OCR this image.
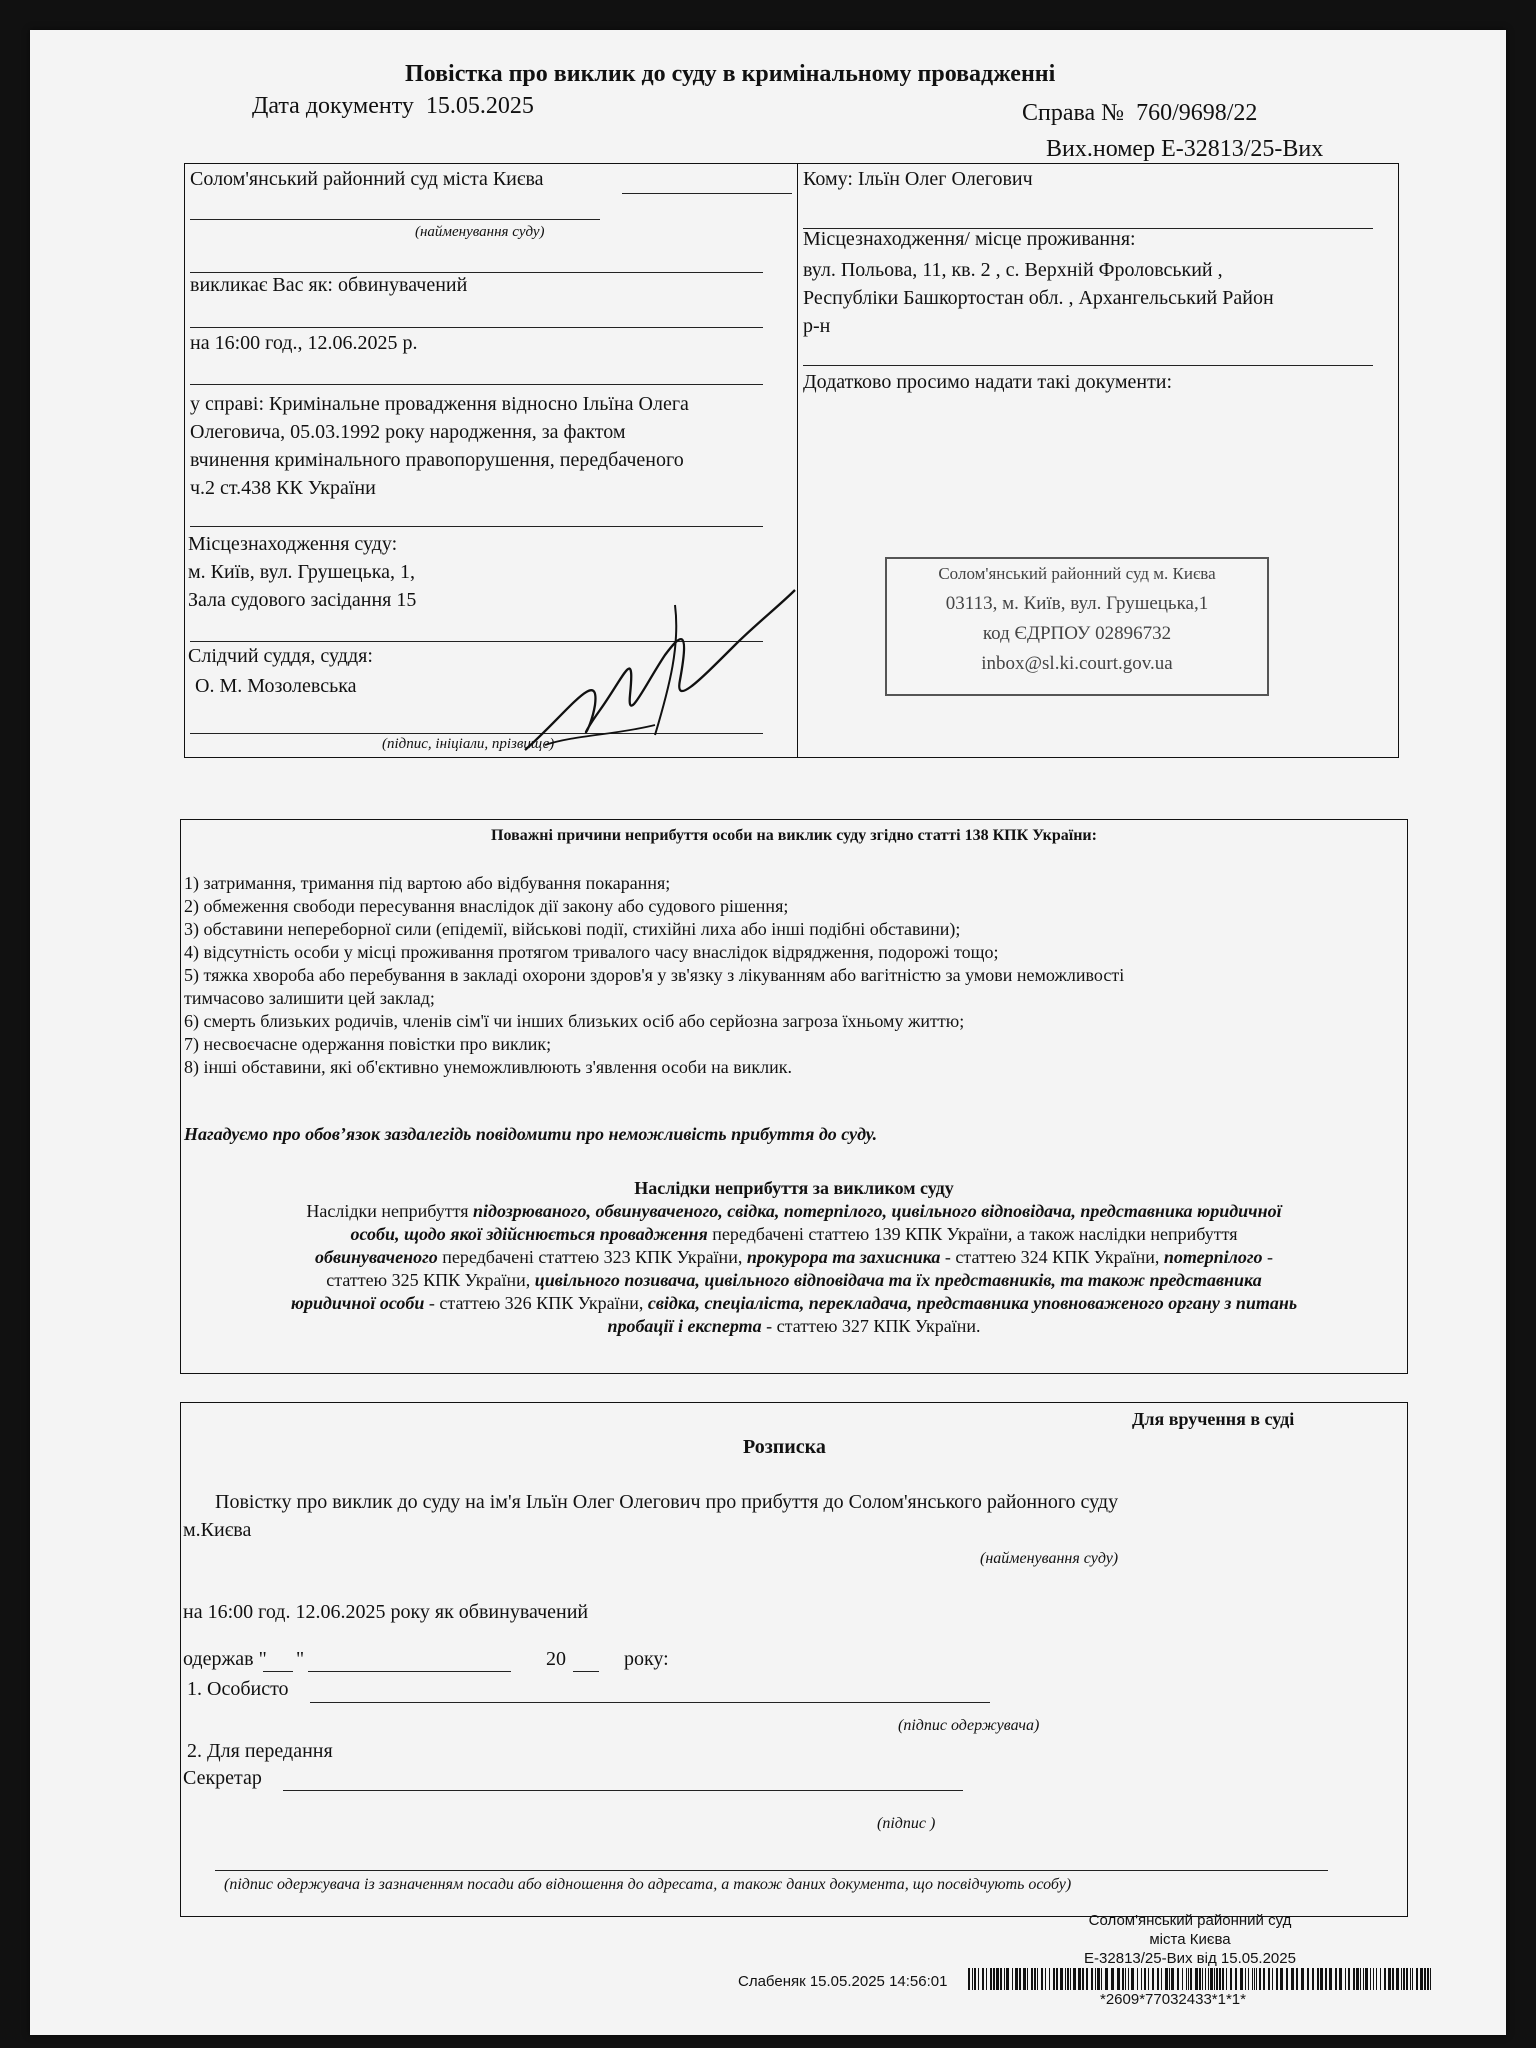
Повістка про виклик до суду в кримінальному провадженні
Дата документу 15.05.2025	Справа № 760/9698/22
Вих.номер E-32813/25-Вих
Солом'янський районний суд міста Києва
(найменування суду)
викликає Вас як: обвинувачений
на 16:00 год., 12.06.2025 р.
у справі: Кримінальне провадження відносно Ільїна Олега
Олеговича, 05.03.1992 року народження, за фактом
вчинення кримінального правопорушення, передбаченого
ч.2 ст.438 КК України
Місцезнаходження суду:
м. Київ, вул. Грушецька, 1,
Зала судового засідання 15
Слідчий суддя, суддя:
О. М. Мозолевська
(підпис, ініціали, прізвище)
Кому: Ільїн Олег Олегович
Місцезнаходження/ місце проживання:
вул. Польова, 11, кв. 2 , с. Верхній Фроловський ,
Республіки Башкортостан обл. , Архангельський Район
р-н
Додатково просимо надати такі документи:
Солом'янський районний суд м. Києва
03113, м. Київ, вул. Грушецька,1
код ЄДРПОУ 02896732
inbox@sl.ki.court.gov.ua
Поважні причини неприбуття особи на виклик суду згідно статті 138 КПК України:
1) затримання, тримання під вартою або відбування покарання;
2) обмеження свободи пересування внаслідок дії закону або судового рішення;
3) обставини непереборної сили (епідемії, військові події, стихійні лиха або інші подібні обставини);
4) відсутність особи у місці проживання протягом тривалого часу внаслідок відрядження, подорожі тощо;
5) тяжка хвороба або перебування в закладі охорони здоров'я у зв'язку з лікуванням або вагітністю за умови неможливості
тимчасово залишити цей заклад;
6) смерть близьких родичів, членів сім'ї чи інших близьких осіб або серйозна загроза їхньому життю;
7) несвоєчасне одержання повістки про виклик;
8) інші обставини, які об'єктивно унеможливлюють з'явлення особи на виклик.
Нагадуємо про обов’язок заздалегідь повідомити про неможливість прибуття до суду.
Наслідки неприбуття за викликом суду
Наслідки неприбуття підозрюваного, обвинуваченого, свідка, потерпілого, цивільного відповідача, представника юридичної
особи, щодо якої здійснюється провадження передбачені статтею 139 КПК України, а також наслідки неприбуття
обвинуваченого передбачені статтею 323 КПК України, прокурора та захисника - статтею 324 КПК України, потерпілого -
статтею 325 КПК України, цивільного позивача, цивільного відповідача та їх представників, та також представника
юридичної особи - статтею 326 КПК України, свідка, спеціаліста, перекладача, представника уповноваженого органу з питань
пробації і експерта - статтею 327 КПК України.
Для вручення в суді
Розписка
Повістку про виклик до суду на ім'я Ільїн Олег Олегович про прибуття до Солом'янського районного суду
м.Києва
(найменування суду)
на 16:00 год. 12.06.2025 року як обвинувачений
одержав " "	20	року:
1. Особисто
(підпис одержувача)
2. Для передання
Секретар
(підпис )
(підпис одержувача із зазначенням посади або відношення до адресата, а також даних документа, що посвідчують особу)
Солом'янський районний суд
міста Києва
E-32813/25-Вих від 15.05.2025
Слабеняк 15.05.2025 14:56:01
*2609*77032433*1*1*
